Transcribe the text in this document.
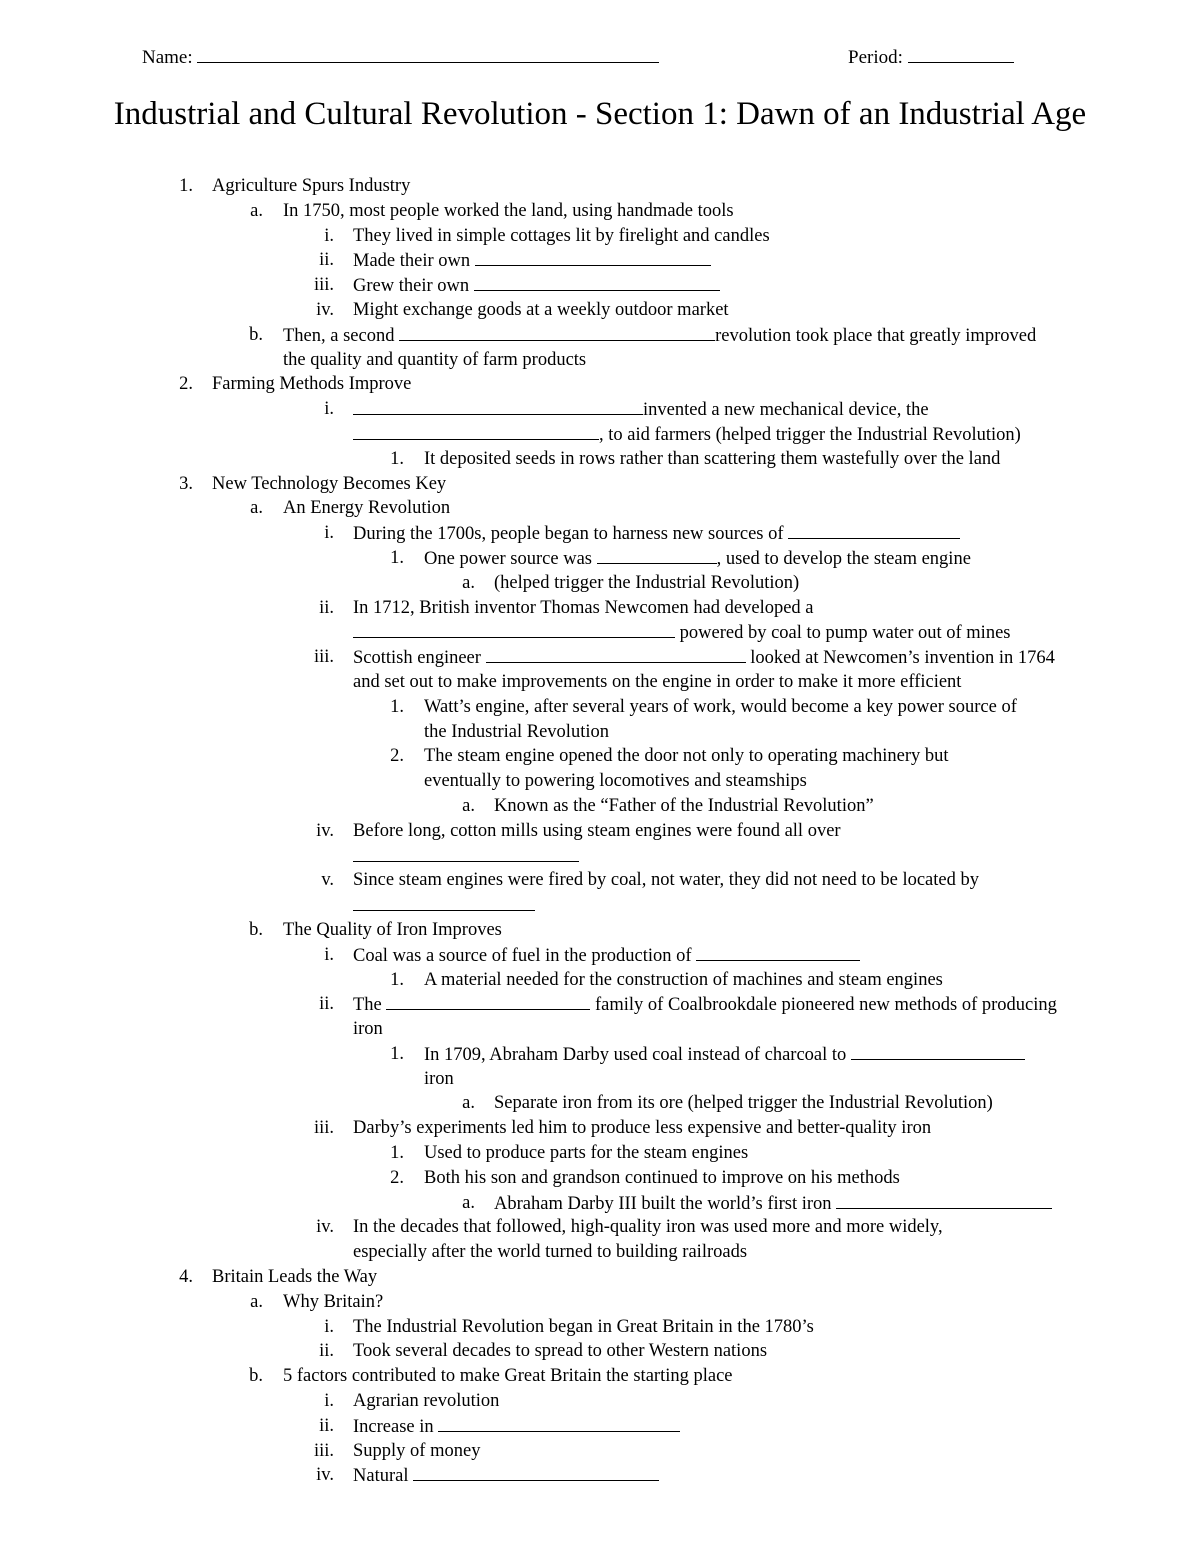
Name:	Period:
Industrial and Cultural Revolution - Section 1: Dawn of an Industrial Age
1. Agriculture Spurs Industry
a. In 1750, most people worked the land, using handmade tools
i. They lived in simple cottages lit by firelight and candles
ii. Made their own
iii. Grew their own
iv. Might exchange goods at a weekly outdoor market
b. Then, a second	revolution took place that greatly improved
the quality and quantity of farm products
2. Farming Methods Improve
i.	invented a new mechanical device, the
, to aid farmers (helped trigger the Industrial Revolution)
1. It deposited seeds in rows rather than scattering them wastefully over the land
3. New Technology Becomes Key
a. An Energy Revolution
i. During the 1700s, people began to harness new sources of
1. One power source was	, used to develop the steam engine
a. (helped trigger the Industrial Revolution)
ii. In 1712, British inventor Thomas Newcomen had developed a
powered by coal to pump water out of mines
iii. Scottish engineer	looked at Newcomen’s invention in 1764
and set out to make improvements on the engine in order to make it more efficient
1. Watt’s engine, after several years of work, would become a key power source of
the Industrial Revolution
2. The steam engine opened the door not only to operating machinery but
eventually to powering locomotives and steamships
a. Known as the “Father of the Industrial Revolution”
iv. Before long, cotton mills using steam engines were found all over
v. Since steam engines were fired by coal, not water, they did not need to be located by
b. The Quality of Iron Improves
i. Coal was a source of fuel in the production of
1. A material needed for the construction of machines and steam engines
ii. The	family of Coalbrookdale pioneered new methods of producing
iron
1. In 1709, Abraham Darby used coal instead of charcoal to
iron
a. Separate iron from its ore (helped trigger the Industrial Revolution)
iii. Darby’s experiments led him to produce less expensive and better-quality iron
1. Used to produce parts for the steam engines
2. Both his son and grandson continued to improve on his methods
a. Abraham Darby III built the world’s first iron
iv. In the decades that followed, high-quality iron was used more and more widely,
especially after the world turned to building railroads
4. Britain Leads the Way
a. Why Britain?
i. The Industrial Revolution began in Great Britain in the 1780’s
ii. Took several decades to spread to other Western nations
b. 5 factors contributed to make Great Britain the starting place
i. Agrarian revolution
ii. Increase in
iii. Supply of money
iv. Natural
